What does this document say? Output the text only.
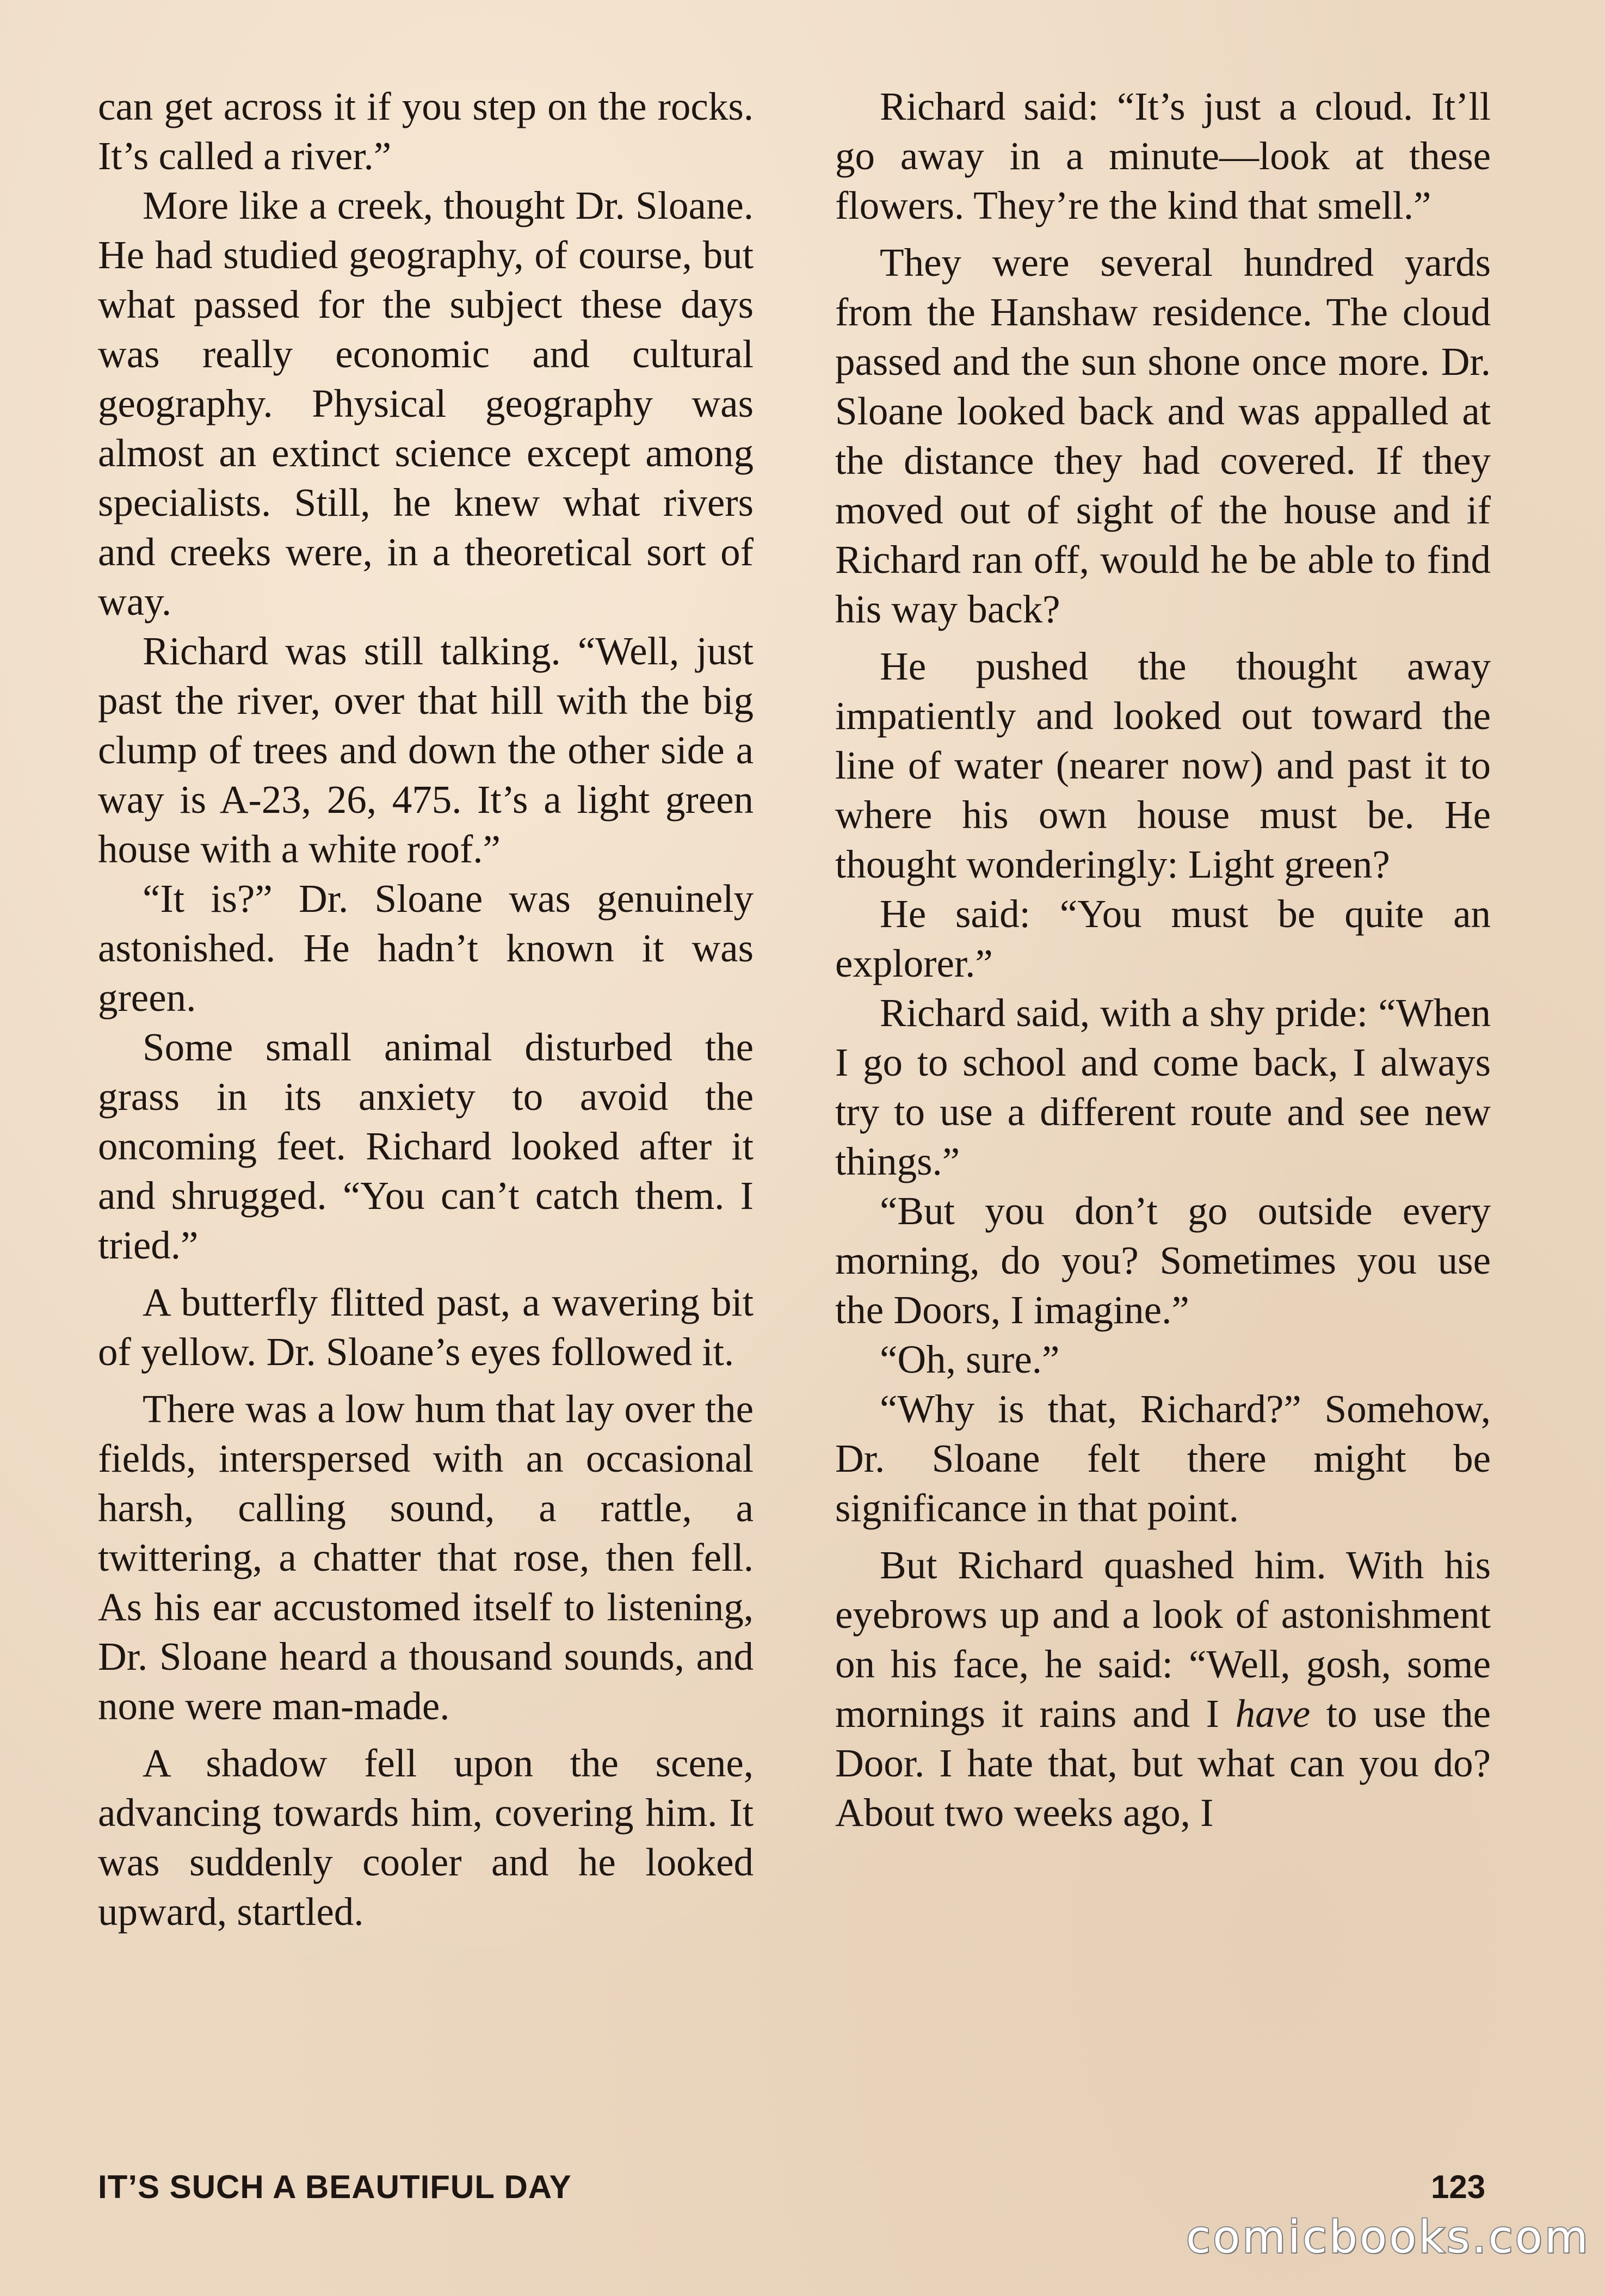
can get across it if you step on the rocks. It’s called a river.”

More like a creek, thought Dr. Sloane. He had studied geography, of course, but what passed for the subject these days was really economic and cultural geography. Physical geography was almost an extinct science except among specialists. Still, he knew what rivers and creeks were, in a theoretical sort of way.

Richard was still talking. “Well, just past the river, over that hill with the big clump of trees and down the other side a way is A-23, 26, 475. It’s a light green house with a white roof.”

“It is?” Dr. Sloane was genuinely astonished. He hadn’t known it was green.

Some small animal disturbed the grass in its anxiety to avoid the oncoming feet. Richard looked after it and shrugged. “You can’t catch them. I tried.”

A butterfly flitted past, a wavering bit of yellow. Dr. Sloane’s eyes followed it.

There was a low hum that lay over the fields, interspersed with an occasional harsh, calling sound, a rattle, a twittering, a chatter that rose, then fell. As his ear accustomed itself to listening, Dr. Sloane heard a thousand sounds, and none were man-made.

A shadow fell upon the scene, advancing towards him, covering him. It was suddenly cooler and he looked upward, startled.

Richard said: “It’s just a cloud. It’ll go away in a minute—look at these flowers. They’re the kind that smell.”

They were several hundred yards from the Hanshaw residence. The cloud passed and the sun shone once more. Dr. Sloane looked back and was appalled at the distance they had covered. If they moved out of sight of the house and if Richard ran off, would he be able to find his way back?

He pushed the thought away impatiently and looked out toward the line of water (nearer now) and past it to where his own house must be. He thought wonderingly: Light green?

He said: “You must be quite an explorer.”

Richard said, with a shy pride: “When I go to school and come back, I always try to use a different route and see new things.”

“But you don’t go outside every morning, do you? Sometimes you use the Doors, I imagine.”

“Oh, sure.”

“Why is that, Richard?” Somehow, Dr. Sloane felt there might be significance in that point.

But Richard quashed him. With his eyebrows up and a look of astonishment on his face, he said: “Well, gosh, some mornings it rains and I have to use the Door. I hate that, but what can you do? About two weeks ago, I

IT’S SUCH A BEAUTIFUL DAY	123
comicbooks.com
